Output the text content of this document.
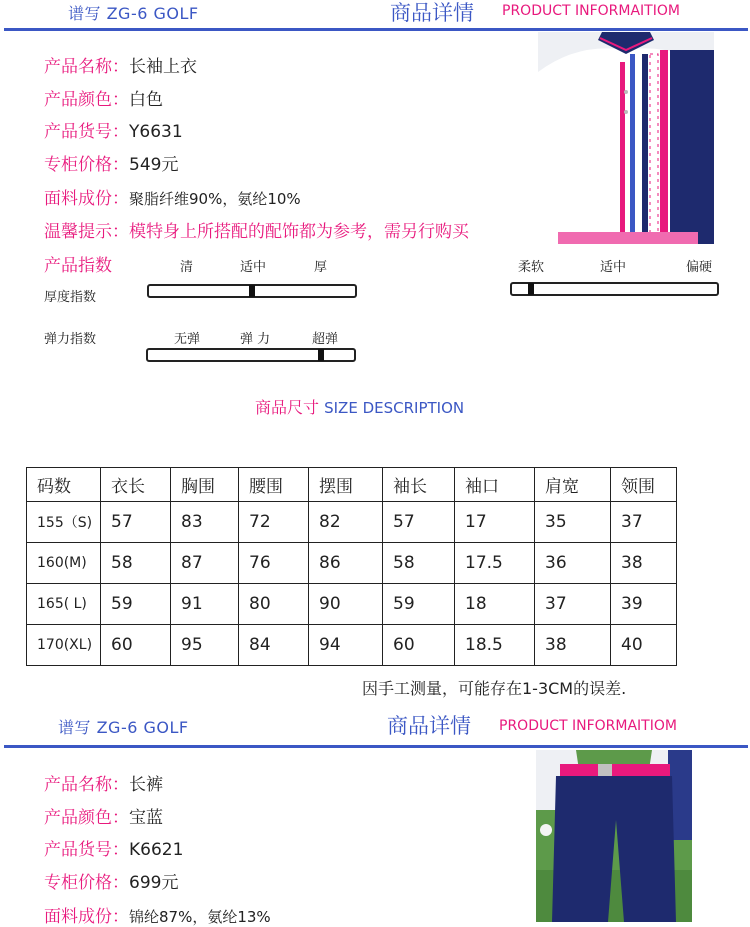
谱写 ZG-6 GOLF	商品详情 PRODUCT INFORMAITIOM
产品名称：长袖上衣
产品颜色：白色
产品货号：Y6631
专柜价格：549元
面料成份：聚脂纤维90%，氨纶10%
温馨提示：模特身上所搭配的配饰都为参考，需另行购买
产品指数	清	适中	厚
厚度指数
柔软	适中	偏硬
无弹	弹 力	超弹
弹力指数
商品尺寸 SIZE DESCRIPTION
码数	衣长	胸围	腰围	摆围	袖长	袖口	肩宽	领围
155（S)	57	83	72	82	57	17	35	37
160(M)	58	87	76	86	58	17.5	36	38
165( L)	59	91	80	90	59	18	37	39
170(XL)	60	95	84	94	60	18.5	38	40
因手工测量，可能存在1-3CM的误差.
谱写 ZG-6 GOLF	商品详情 PRODUCT INFORMAITIOM
产品名称：长裤
产品颜色：宝蓝
产品货号：K6621
专柜价格：699元
面料成份：锦纶87%，氨纶13%
